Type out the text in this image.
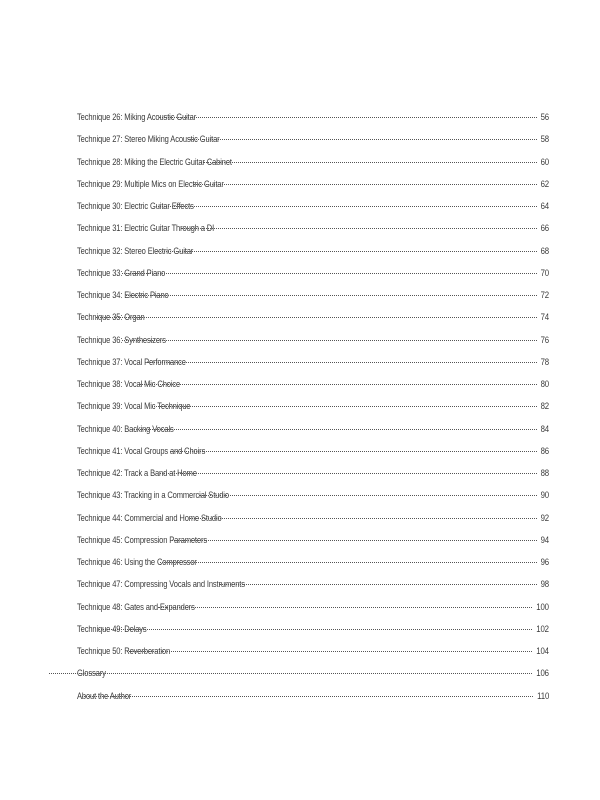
Technique 26: Miking Acoustic Guitar	56
Technique 27: Stereo Miking Acoustic Guitar	58
Technique 28: Miking the Electric Guitar Cabinet	60
Technique 29: Multiple Mics on Electric Guitar	62
Technique 30: Electric Guitar Effects	64
Technique 31: Electric Guitar Through a DI	66
Technique 32: Stereo Electric Guitar	68
Technique 33: Grand Piano	70
Technique 34: Electric Piano	72
Technique 35: Organ	74
Technique 36: Synthesizers	76
Technique 37: Vocal Performance	78
Technique 38: Vocal Mic Choice	80
Technique 39: Vocal Mic Technique	82
Technique 40: Backing Vocals	84
Technique 41: Vocal Groups and Choirs	86
Technique 42: Track a Band at Home	88
Technique 43: Tracking in a Commercial Studio	90
Technique 44: Commercial and Home Studio	92
Technique 45: Compression Parameters	94
Technique 46: Using the Compressor	96
Technique 47: Compressing Vocals and Instruments	98
Technique 48: Gates and Expanders	100
Technique 49: Delays	102
Technique 50: Reverberation	104
Glossary	106
About the Author	110
